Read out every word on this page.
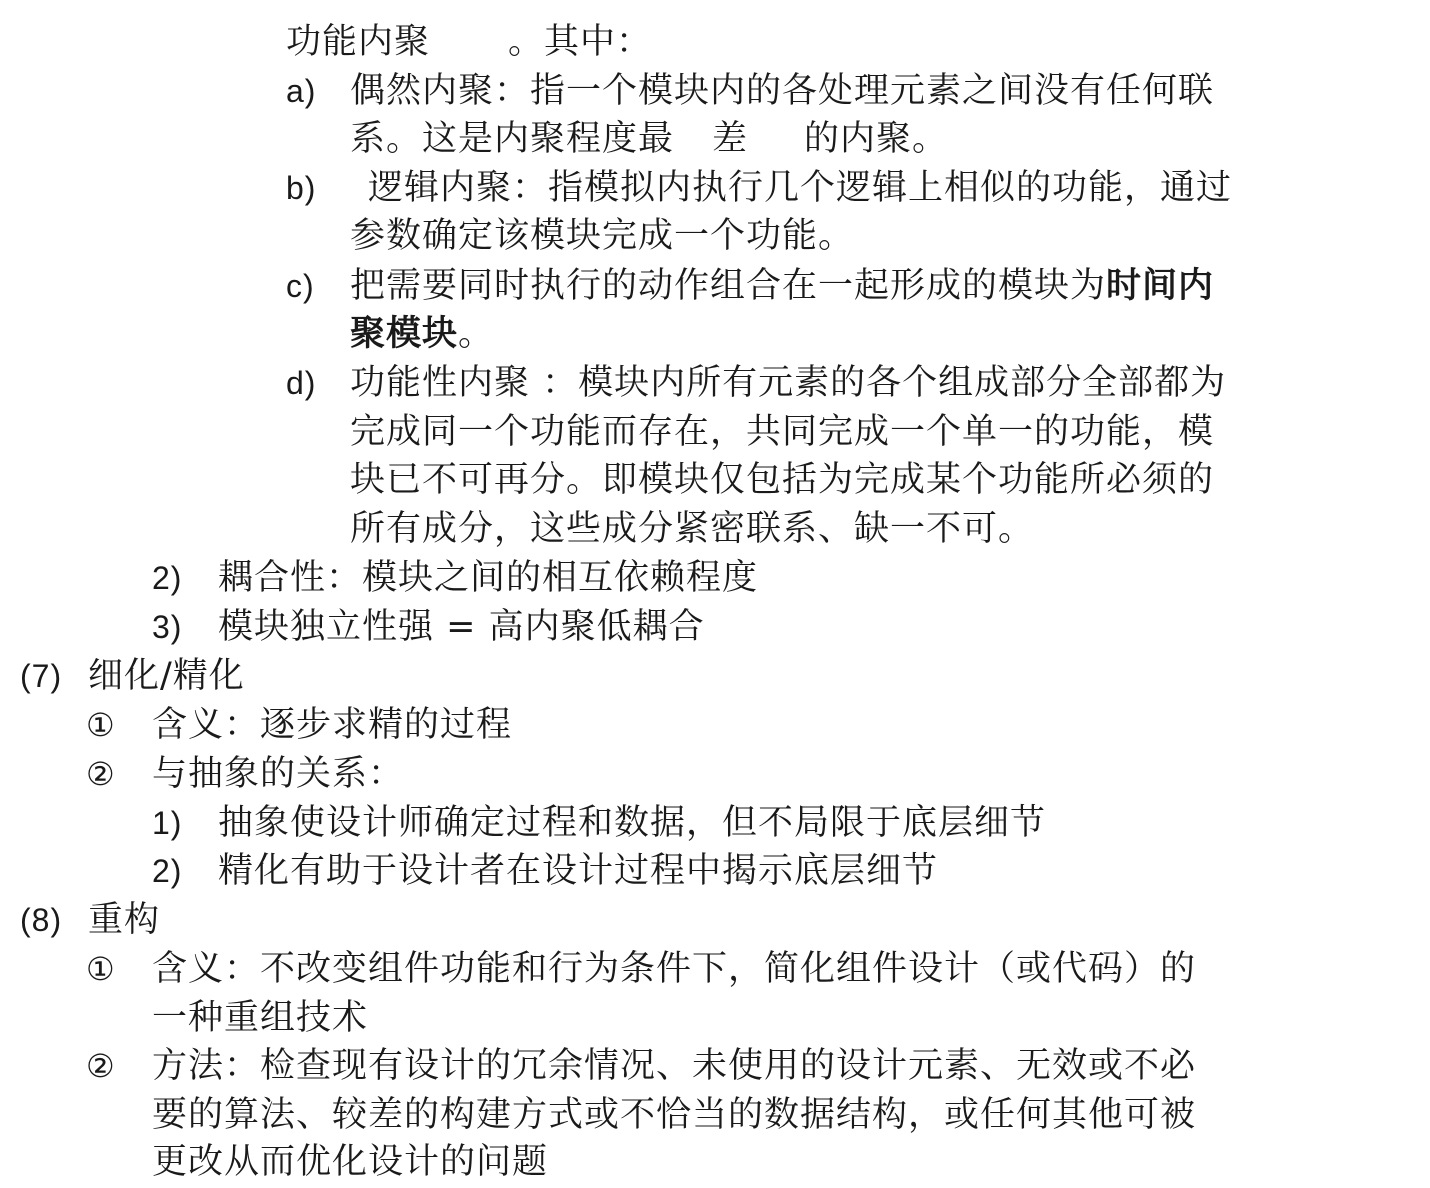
功能内聚 。其中：
a) 偶然内聚：指一个模块内的各处理元素之间没有任何联
系。这是内聚程度最 差 的内聚。
b)	逻辑内聚：指模拟内执行几个逻辑上相似的功能，通过
参数确定该模块完成一个功能。
c)	把需要同时执行的动作组合在一起形成的模块为时间内
聚模块。
d) 功能性内聚 ：模块内所有元素的各个组成部分全部都为
完成同一个功能而存在，共同完成一个单一的功能，模
块已不可再分。即模块仅包括为完成某个功能所必须的
所有成分，这些成分紧密联系、缺一不可。
2)	耦合性：模块之间的相互依赖程度
3)	模块独立性强 = 高内聚低耦合
(7) 细化/精化
①	含义：逐步求精的过程
②	与抽象的关系：
1)	抽象使设计师确定过程和数据，但不局限于底层细节
2)	精化有助于设计者在设计过程中揭示底层细节
(8) 重构
①	含义：不改变组件功能和行为条件下，简化组件设计（或代码）的
一种重组技术
②	方法：检查现有设计的冗余情况、未使用的设计元素、无效或不必
要的算法、较差的构建方式或不恰当的数据结构，或任何其他可被
更改从而优化设计的问题
